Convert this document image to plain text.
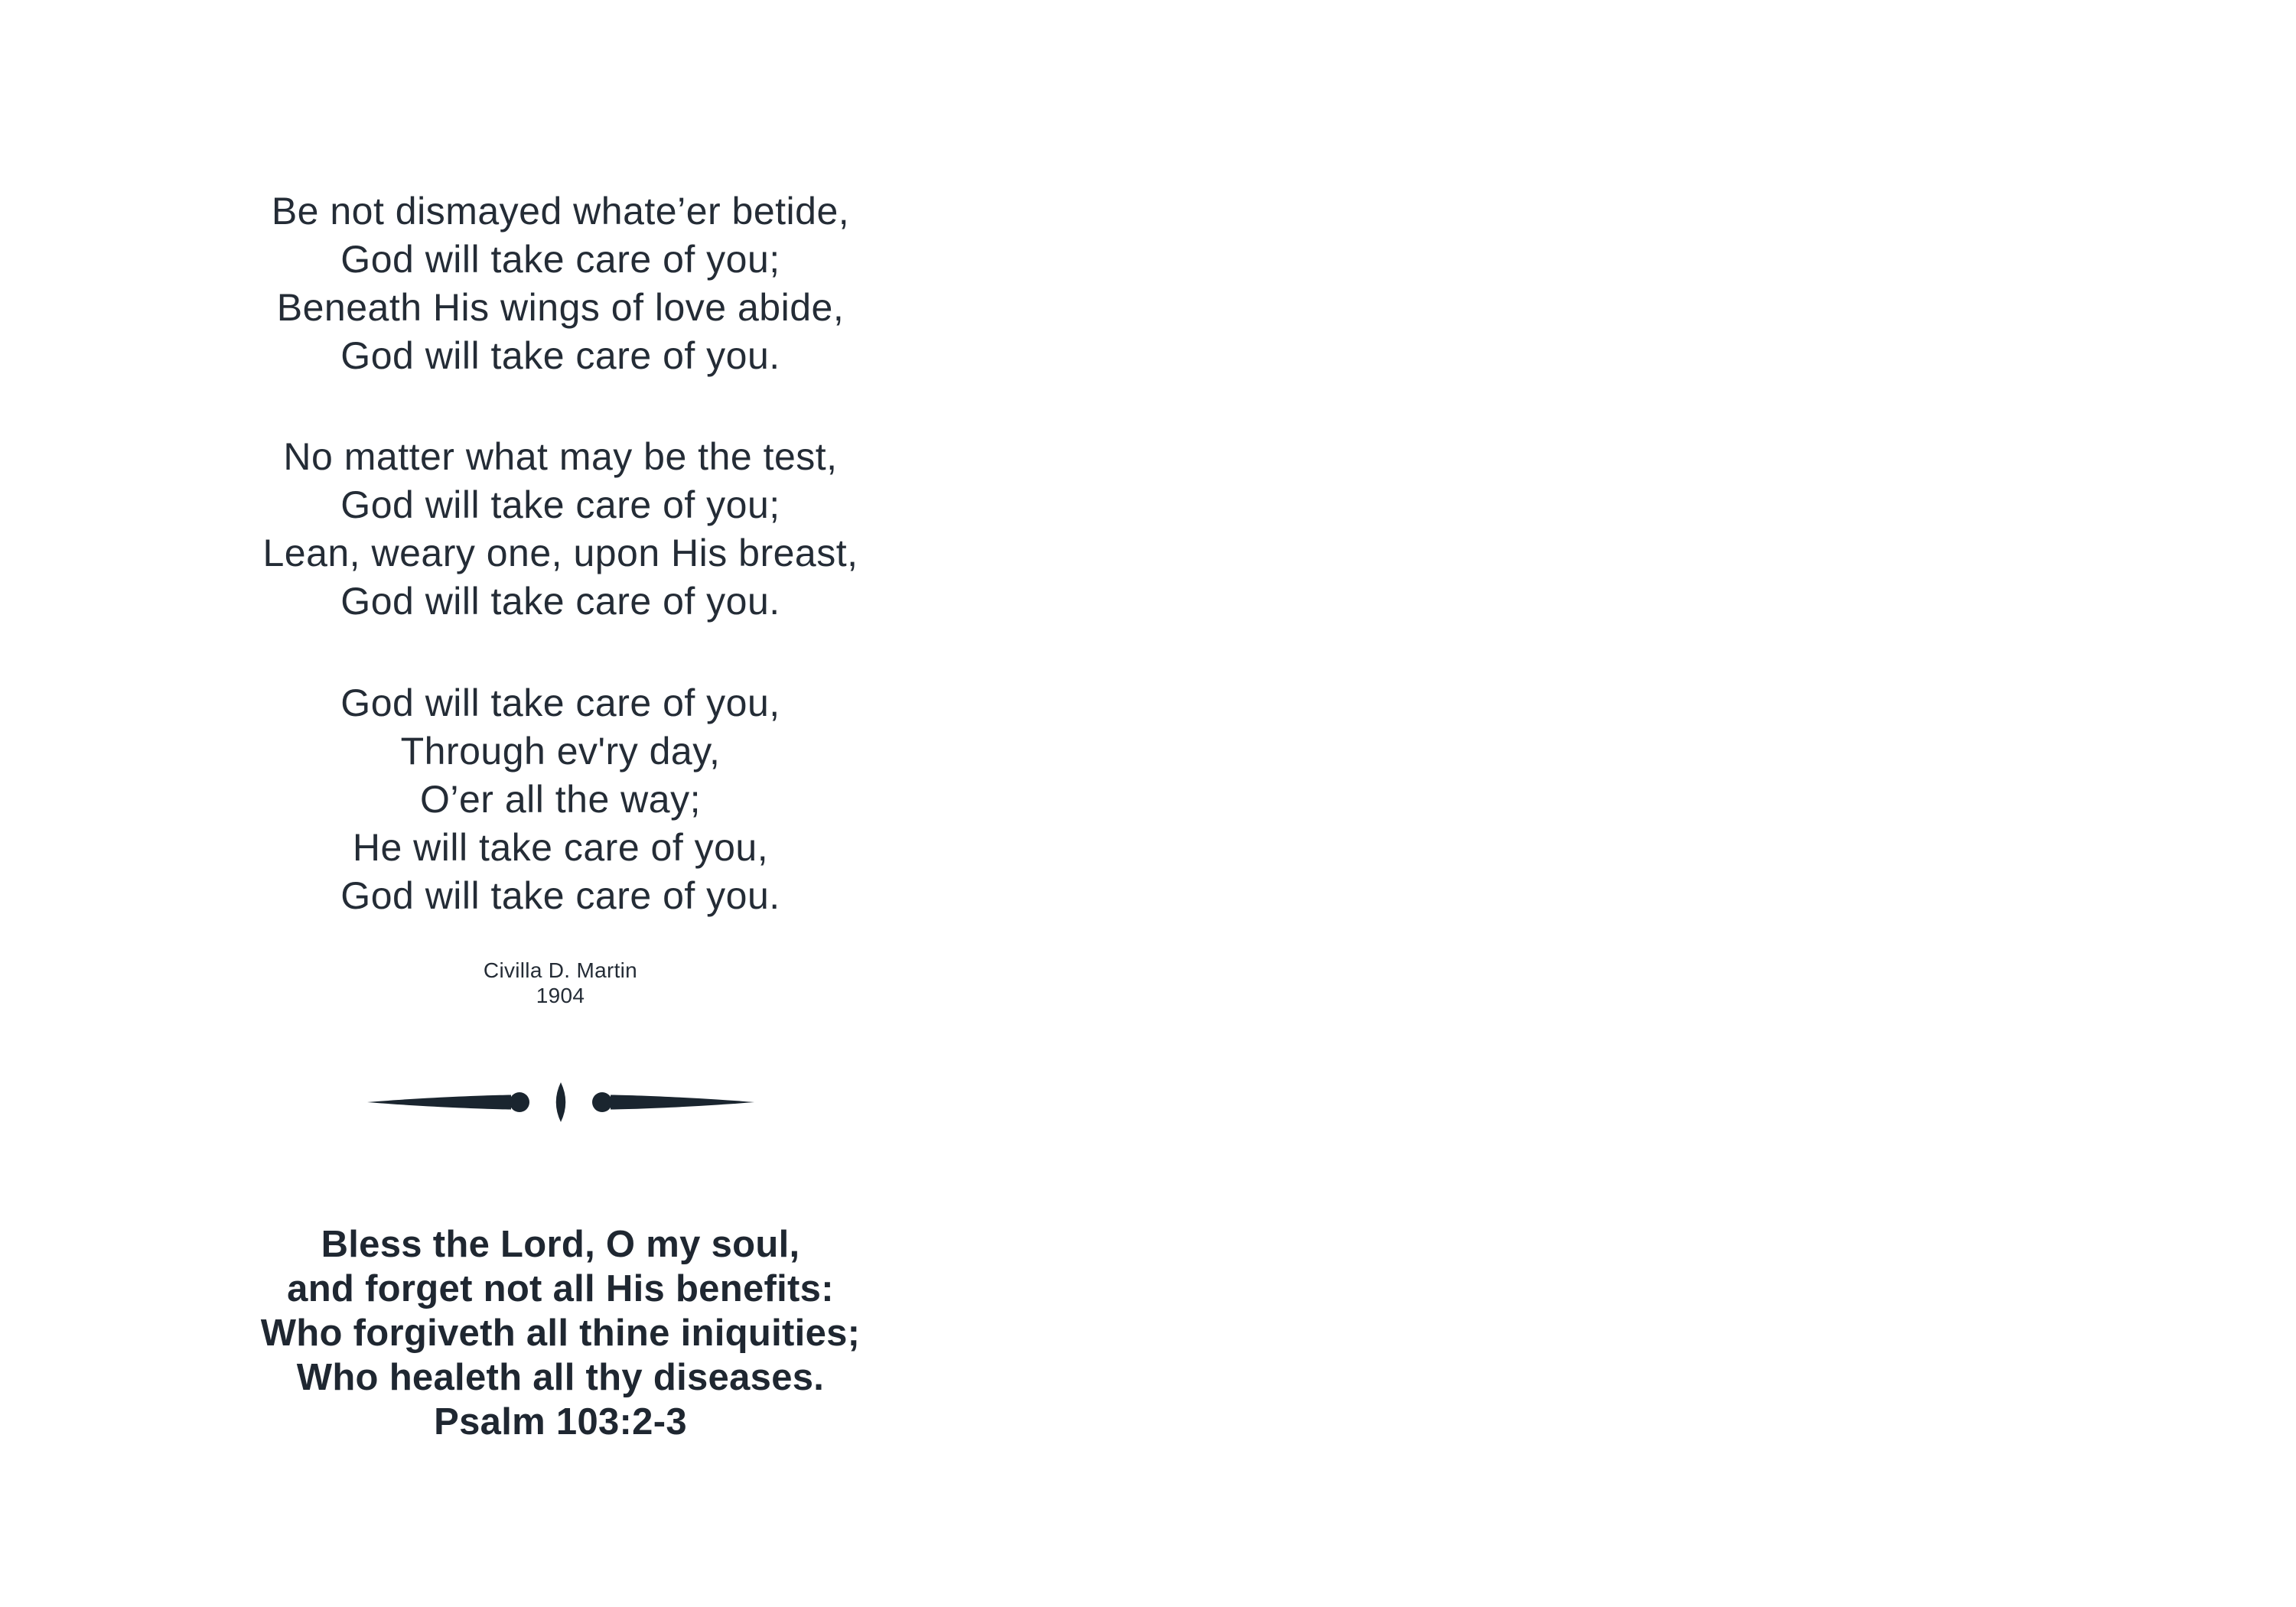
Be not dismayed whate’er betide,
God will take care of you;
Beneath His wings of love abide,
God will take care of you.
No matter what may be the test,
God will take care of you;
Lean, weary one, upon His breast,
God will take care of you.
God will take care of you,
Through ev'ry day,
O’er all the way;
He will take care of you,
God will take care of you.
Civilla D. Martin
1904
Bless the Lord, O my soul,
and forget not all His benefits:
Who forgiveth all thine iniquities;
Who healeth all thy diseases.
Psalm 103:2-3
